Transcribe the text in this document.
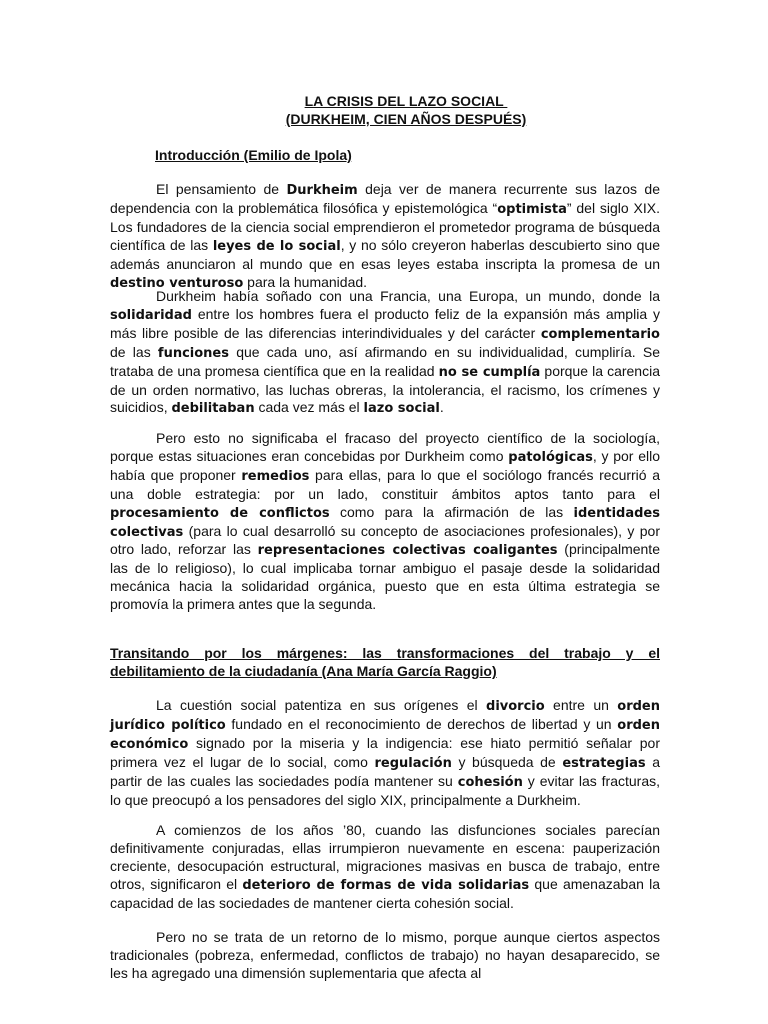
LA CRISIS DEL LAZO SOCIAL
(DURKHEIM, CIEN AÑOS DESPUÉS)
Introducción (Emilio de Ipola)

El pensamiento de Durkheim deja ver de manera recurrente sus lazos de dependencia con la problemática filosófica y epistemológica “optimista” del siglo XIX. Los fundadores de la ciencia social emprendieron el prometedor programa de búsqueda científica de las leyes de lo social, y no sólo creyeron haberlas descubierto sino que además anunciaron al mundo que en esas leyes estaba inscripta la promesa de un destino venturoso para la humanidad.

Durkheim había soñado con una Francia, una Europa, un mundo, donde la solidaridad entre los hombres fuera el producto feliz de la expansión más amplia y más libre posible de las diferencias interindividuales y del carácter complementario de las funciones que cada uno, así afirmando en su individualidad, cumpliría. Se trataba de una promesa científica que en la realidad no se cumplía porque la carencia de un orden normativo, las luchas obreras, la intolerancia, el racismo, los crímenes y suicidios, debilitaban cada vez más el lazo social.

Pero esto no significaba el fracaso del proyecto científico de la sociología, porque estas situaciones eran concebidas por Durkheim como patológicas, y por ello había que proponer remedios para ellas, para lo que el sociólogo francés recurrió a una doble estrategia: por un lado, constituir ámbitos aptos tanto para el procesamiento de conflictos como para la afirmación de las identidades colectivas (para lo cual desarrolló su concepto de asociaciones profesionales), y por otro lado, reforzar las representaciones colectivas coaligantes (principalmente las de lo religioso), lo cual implicaba tornar ambiguo el pasaje desde la solidaridad mecánica hacia la solidaridad orgánica, puesto que en esta última estrategia se promovía la primera antes que la segunda.

Transitando por los márgenes: las transformaciones del trabajo y el debilitamiento de la ciudadanía (Ana María García Raggio)

La cuestión social patentiza en sus orígenes el divorcio entre un orden jurídico político fundado en el reconocimiento de derechos de libertad y un orden económico signado por la miseria y la indigencia: ese hiato permitió señalar por primera vez el lugar de lo social, como regulación y búsqueda de estrategias a partir de las cuales las sociedades podía mantener su cohesión y evitar las fracturas, lo que preocupó a los pensadores del siglo XIX, principalmente a Durkheim.

A comienzos de los años ’80, cuando las disfunciones sociales parecían definitivamente conjuradas, ellas irrumpieron nuevamente en escena: pauperización creciente, desocupación estructural, migraciones masivas en busca de trabajo, entre otros, significaron el deterioro de formas de vida solidarias que amenazaban la capacidad de las sociedades de mantener cierta cohesión social.

Pero no se trata de un retorno de lo mismo, porque aunque ciertos aspectos tradicionales (pobreza, enfermedad, conflictos de trabajo) no hayan desaparecido, se les ha agregado una dimensión suplementaria que afecta al
